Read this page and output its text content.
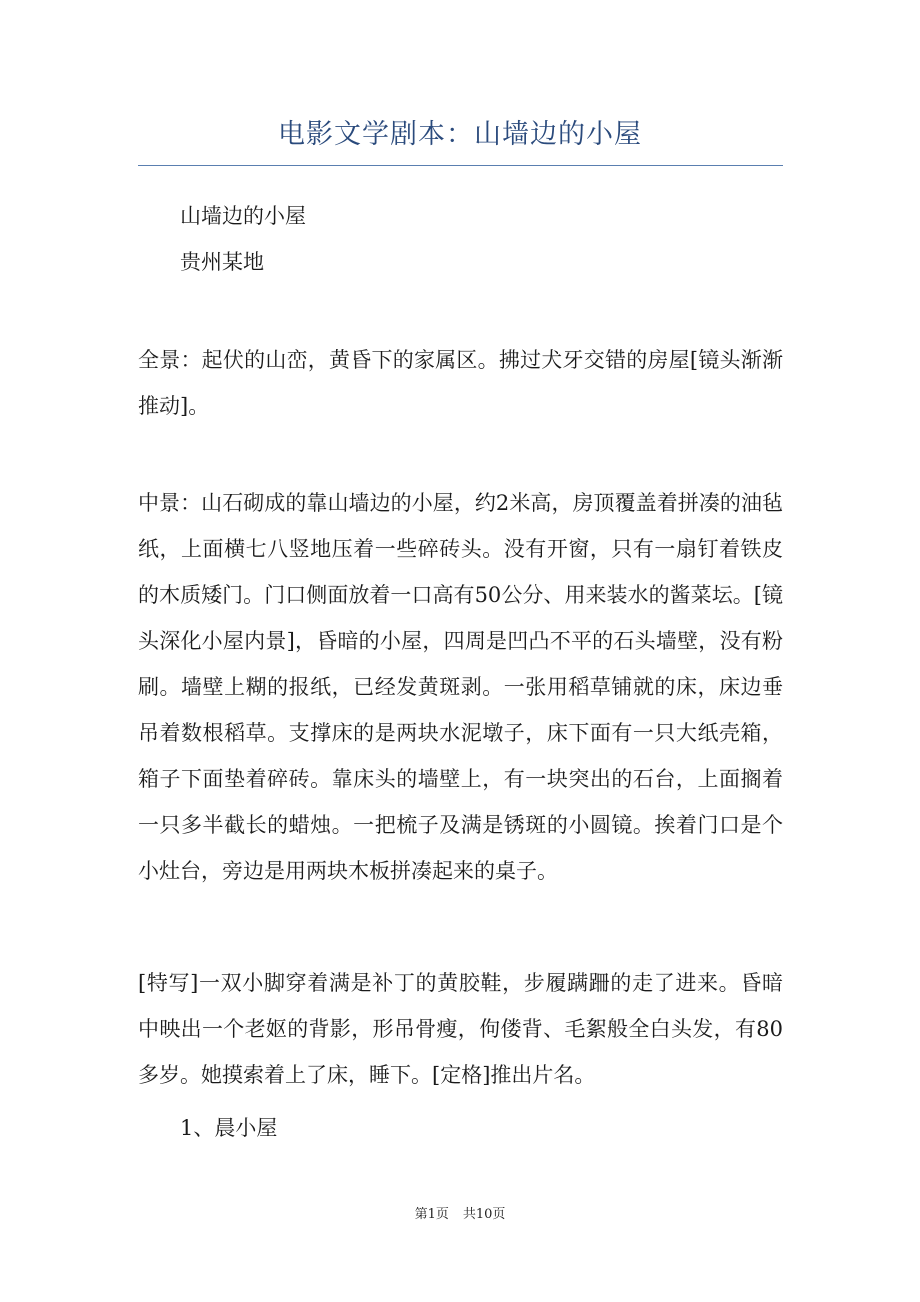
电影文学剧本：山墙边的小屋
山墙边的小屋
贵州某地
全景：起伏的山峦，黄昏下的家属区。拂过犬牙交错的房屋[镜头渐渐推动]。
中景：山石砌成的靠山墙边的小屋，约2米高，房顶覆盖着拼凑的油毡纸，上面横七八竖地压着一些碎砖头。没有开窗，只有一扇钉着铁皮的木质矮门。门口侧面放着一口高有50公分、用来装水的酱菜坛。[镜头深化小屋内景]，昏暗的小屋，四周是凹凸不平的石头墙壁，没有粉刷。墙壁上糊的报纸，已经发黄斑剥。一张用稻草铺就的床，床边垂吊着数根稻草。支撑床的是两块水泥墩子，床下面有一只大纸壳箱，箱子下面垫着碎砖。靠床头的墙壁上，有一块突出的石台，上面搁着一只多半截长的蜡烛。一把梳子及满是锈斑的小圆镜。挨着门口是个小灶台，旁边是用两块木板拼凑起来的桌子。
[特写]一双小脚穿着满是补丁的黄胶鞋，步履蹒跚的走了进来。昏暗中映出一个老妪的背影，形吊骨瘦，佝偻背、毛絮般全白头发，有80多岁。她摸索着上了床，睡下。[定格]推出片名。
1、晨小屋
第1页 共10页
